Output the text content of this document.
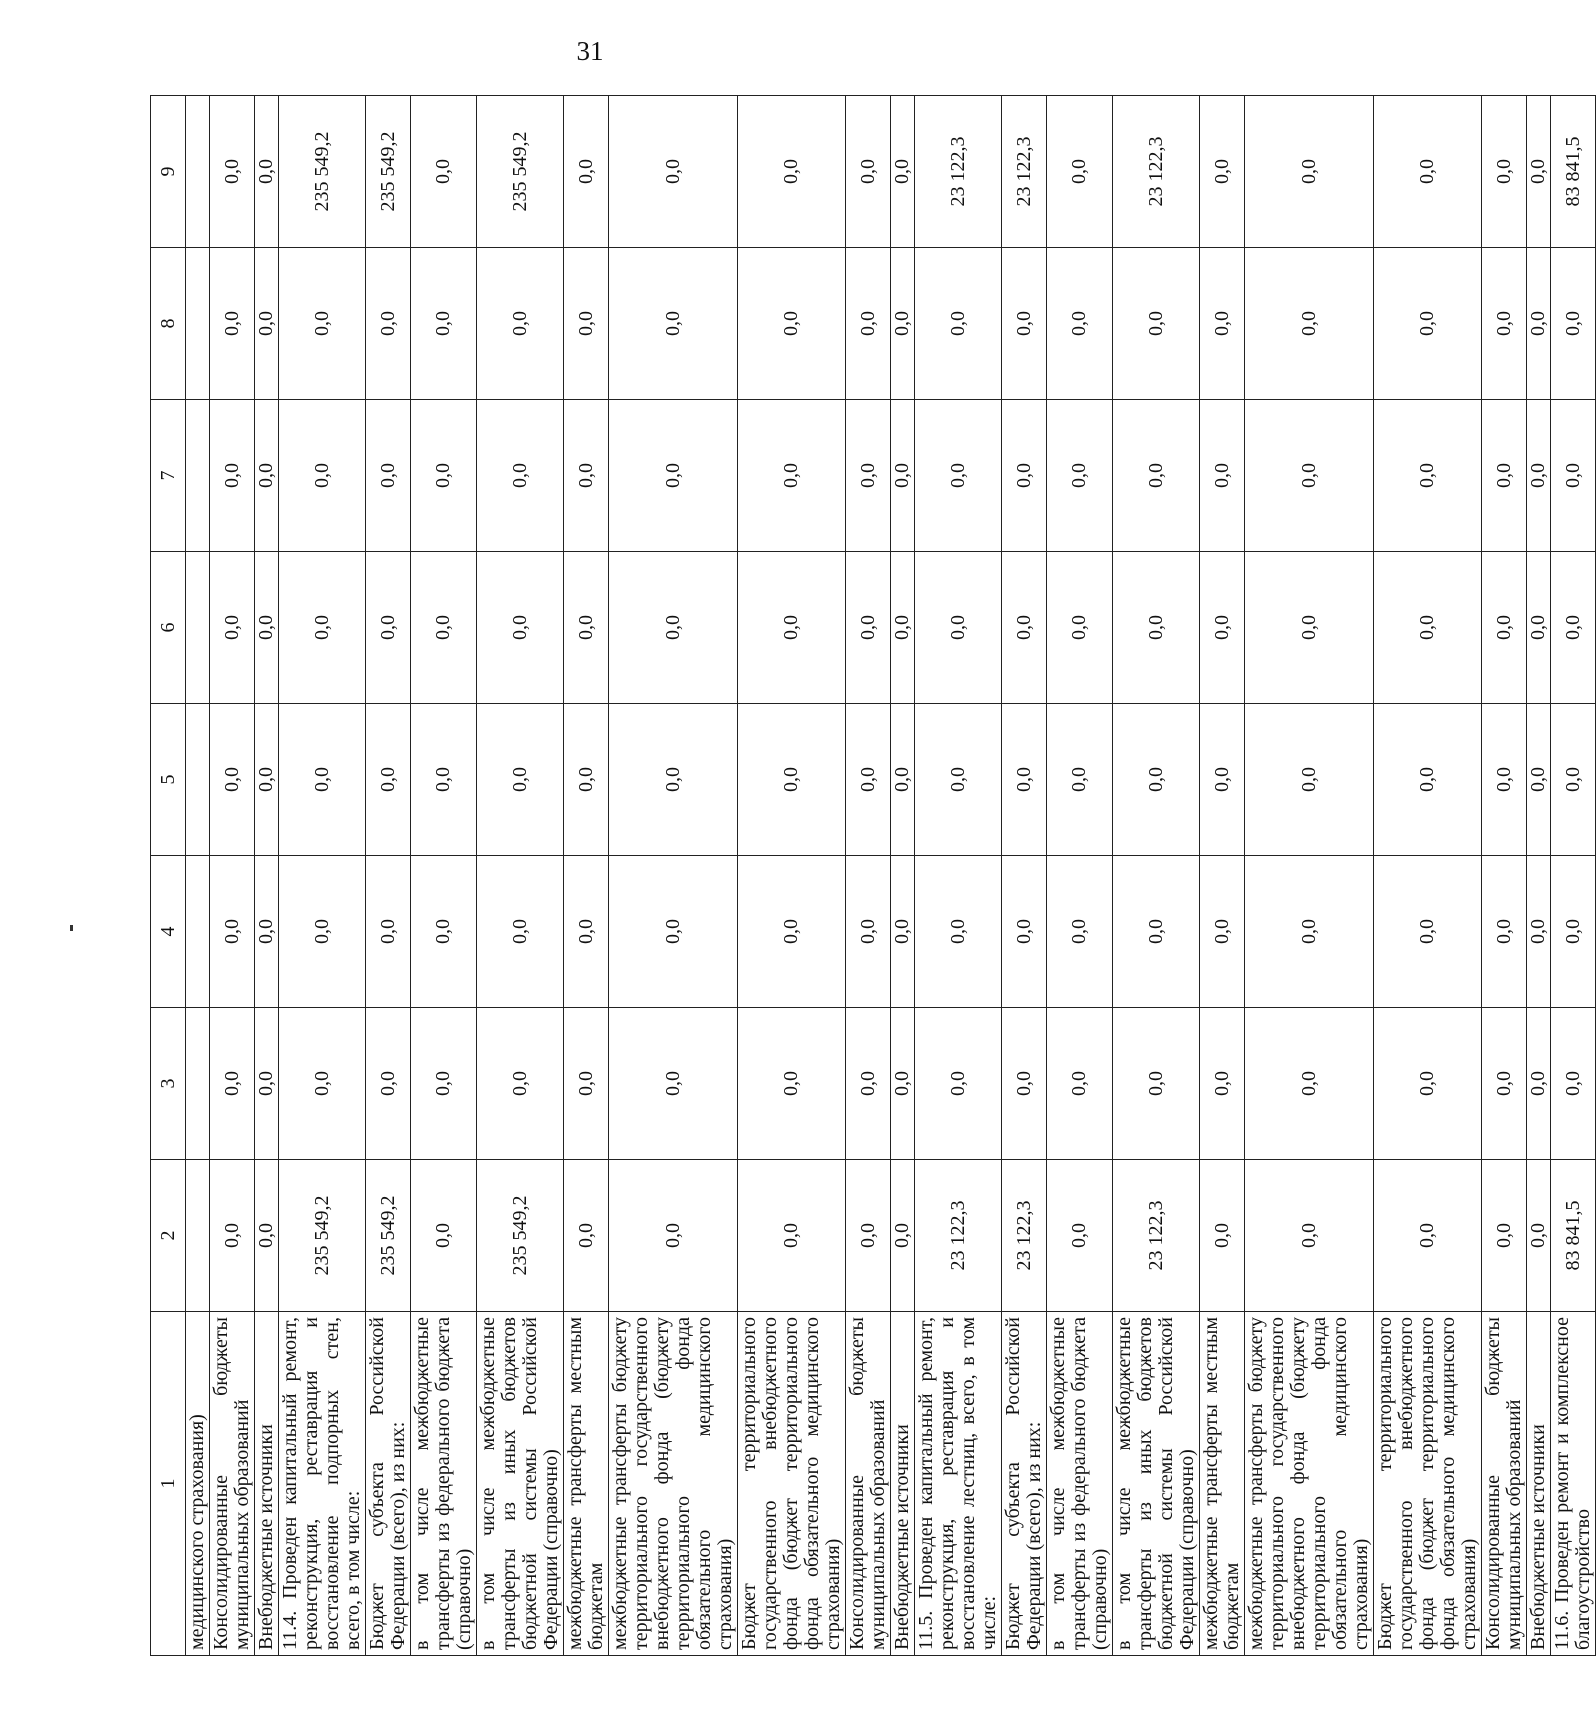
31
1	2	3	4	5	6	7	8	9
медицинского страхования)								
Консолидированные бюджеты муниципальных образований	0,0	0,0	0,0	0,0	0,0	0,0	0,0	0,0
Внебюджетные источники	0,0	0,0	0,0	0,0	0,0	0,0	0,0	0,0
11.4. Проведен капитальный ремонт, реконструкция, реставрация и восстановление подпорных стен, всего, в том числе:	235 549,2	0,0	0,0	0,0	0,0	0,0	0,0	235 549,2
Бюджет субъекта Российской Федерации (всего), из них:	235 549,2	0,0	0,0	0,0	0,0	0,0	0,0	235 549,2
в том числе межбюджетные трансферты из федерального бюджета (справочно)	0,0	0,0	0,0	0,0	0,0	0,0	0,0	0,0
в том числе межбюджетные трансферты из иных бюджетов бюджетной системы Российской Федерации (справочно)	235 549,2	0,0	0,0	0,0	0,0	0,0	0,0	235 549,2
межбюджетные трансферты местным бюджетам	0,0	0,0	0,0	0,0	0,0	0,0	0,0	0,0
межбюджетные трансферты бюджету территориального государственного внебюджетного фонда (бюджету территориального фонда обязательного медицинского страхования)	0,0	0,0	0,0	0,0	0,0	0,0	0,0	0,0
Бюджет территориального государственного внебюджетного фонда (бюджет территориального фонда обязательного медицинского страхования)	0,0	0,0	0,0	0,0	0,0	0,0	0,0	0,0
Консолидированные бюджеты муниципальных образований	0,0	0,0	0,0	0,0	0,0	0,0	0,0	0,0
Внебюджетные источники	0,0	0,0	0,0	0,0	0,0	0,0	0,0	0,0
11.5. Проведен капитальный ремонт, реконструкция, реставрация и восстановление лестниц, всего, в том числе:	23 122,3	0,0	0,0	0,0	0,0	0,0	0,0	23 122,3
Бюджет субъекта Российской Федерации (всего), из них:	23 122,3	0,0	0,0	0,0	0,0	0,0	0,0	23 122,3
в том числе межбюджетные трансферты из федерального бюджета (справочно)	0,0	0,0	0,0	0,0	0,0	0,0	0,0	0,0
в том числе межбюджетные трансферты из иных бюджетов бюджетной системы Российской Федерации (справочно)	23 122,3	0,0	0,0	0,0	0,0	0,0	0,0	23 122,3
межбюджетные трансферты местным бюджетам	0,0	0,0	0,0	0,0	0,0	0,0	0,0	0,0
межбюджетные трансферты бюджету территориального государственного внебюджетного фонда (бюджету территориального фонда обязательного медицинского страхования)	0,0	0,0	0,0	0,0	0,0	0,0	0,0	0,0
Бюджет территориального государственного внебюджетного фонда (бюджет территориального фонда обязательного медицинского страхования)	0,0	0,0	0,0	0,0	0,0	0,0	0,0	0,0
Консолидированные бюджеты муниципальных образований	0,0	0,0	0,0	0,0	0,0	0,0	0,0	0,0
Внебюджетные источники	0,0	0,0	0,0	0,0	0,0	0,0	0,0	0,0
11.6. Проведен ремонт и комплексное благоустройство	83 841,5	0,0	0,0	0,0	0,0	0,0	0,0	83 841,5
